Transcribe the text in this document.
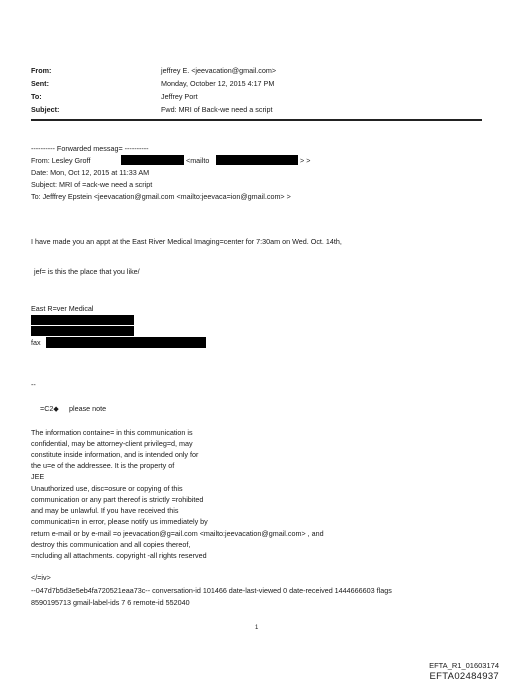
From:
Sent:
To:
Subject:
jeffrey E. <jeevacation@gmail.com>
Monday, October 12, 2015 4:17 PM
Jeffrey Port
Fwd: MRI of Back-we need a script
---------- Forwarded messag= ----------
From: Lesley Groff	<mailto	> >
Date: Mon, Oct 12, 2015 at 11:33 AM
Subject: MRI of =ack-we need a script
To: Jefffrey Epstein <jeevacation@gmail.com <mailto:jeevaca=ion@gmail.com> >
I have made you an appt at the East River Medical Imaging=center for 7:30am on Wed. Oct. 14th,
jef= is this the place that you like/
East R=ver Medical
fax
--
=C2◆ please note
The information containe= in this communication is
confidential, may be attorney-client privileg=d, may
constitute inside information, and is intended only for
the u=e of the addressee. It is the property of
JEE
Unauthorized use, disc=osure or copying of this
communication or any part thereof is strictly =rohibited
and may be unlawful. If you have received this
communicati=n in error, please notify us immediately by
return e-mail or by e-mail =o jeevacation@g=ail.com <mailto:jeevacation@gmail.com> , and
destroy this communication and all copies thereof,
=ncluding all attachments. copyright -all rights reserved
</=iv>
--047d7b5d3e5eb4fa720521eaa73c-- conversation-id 101466 date-last-viewed 0 date-received 1444666603 flags
8590195713 gmail-label-ids 7 6 remote-id 552040
1
EFTA_R1_01603174
EFTA02484937
